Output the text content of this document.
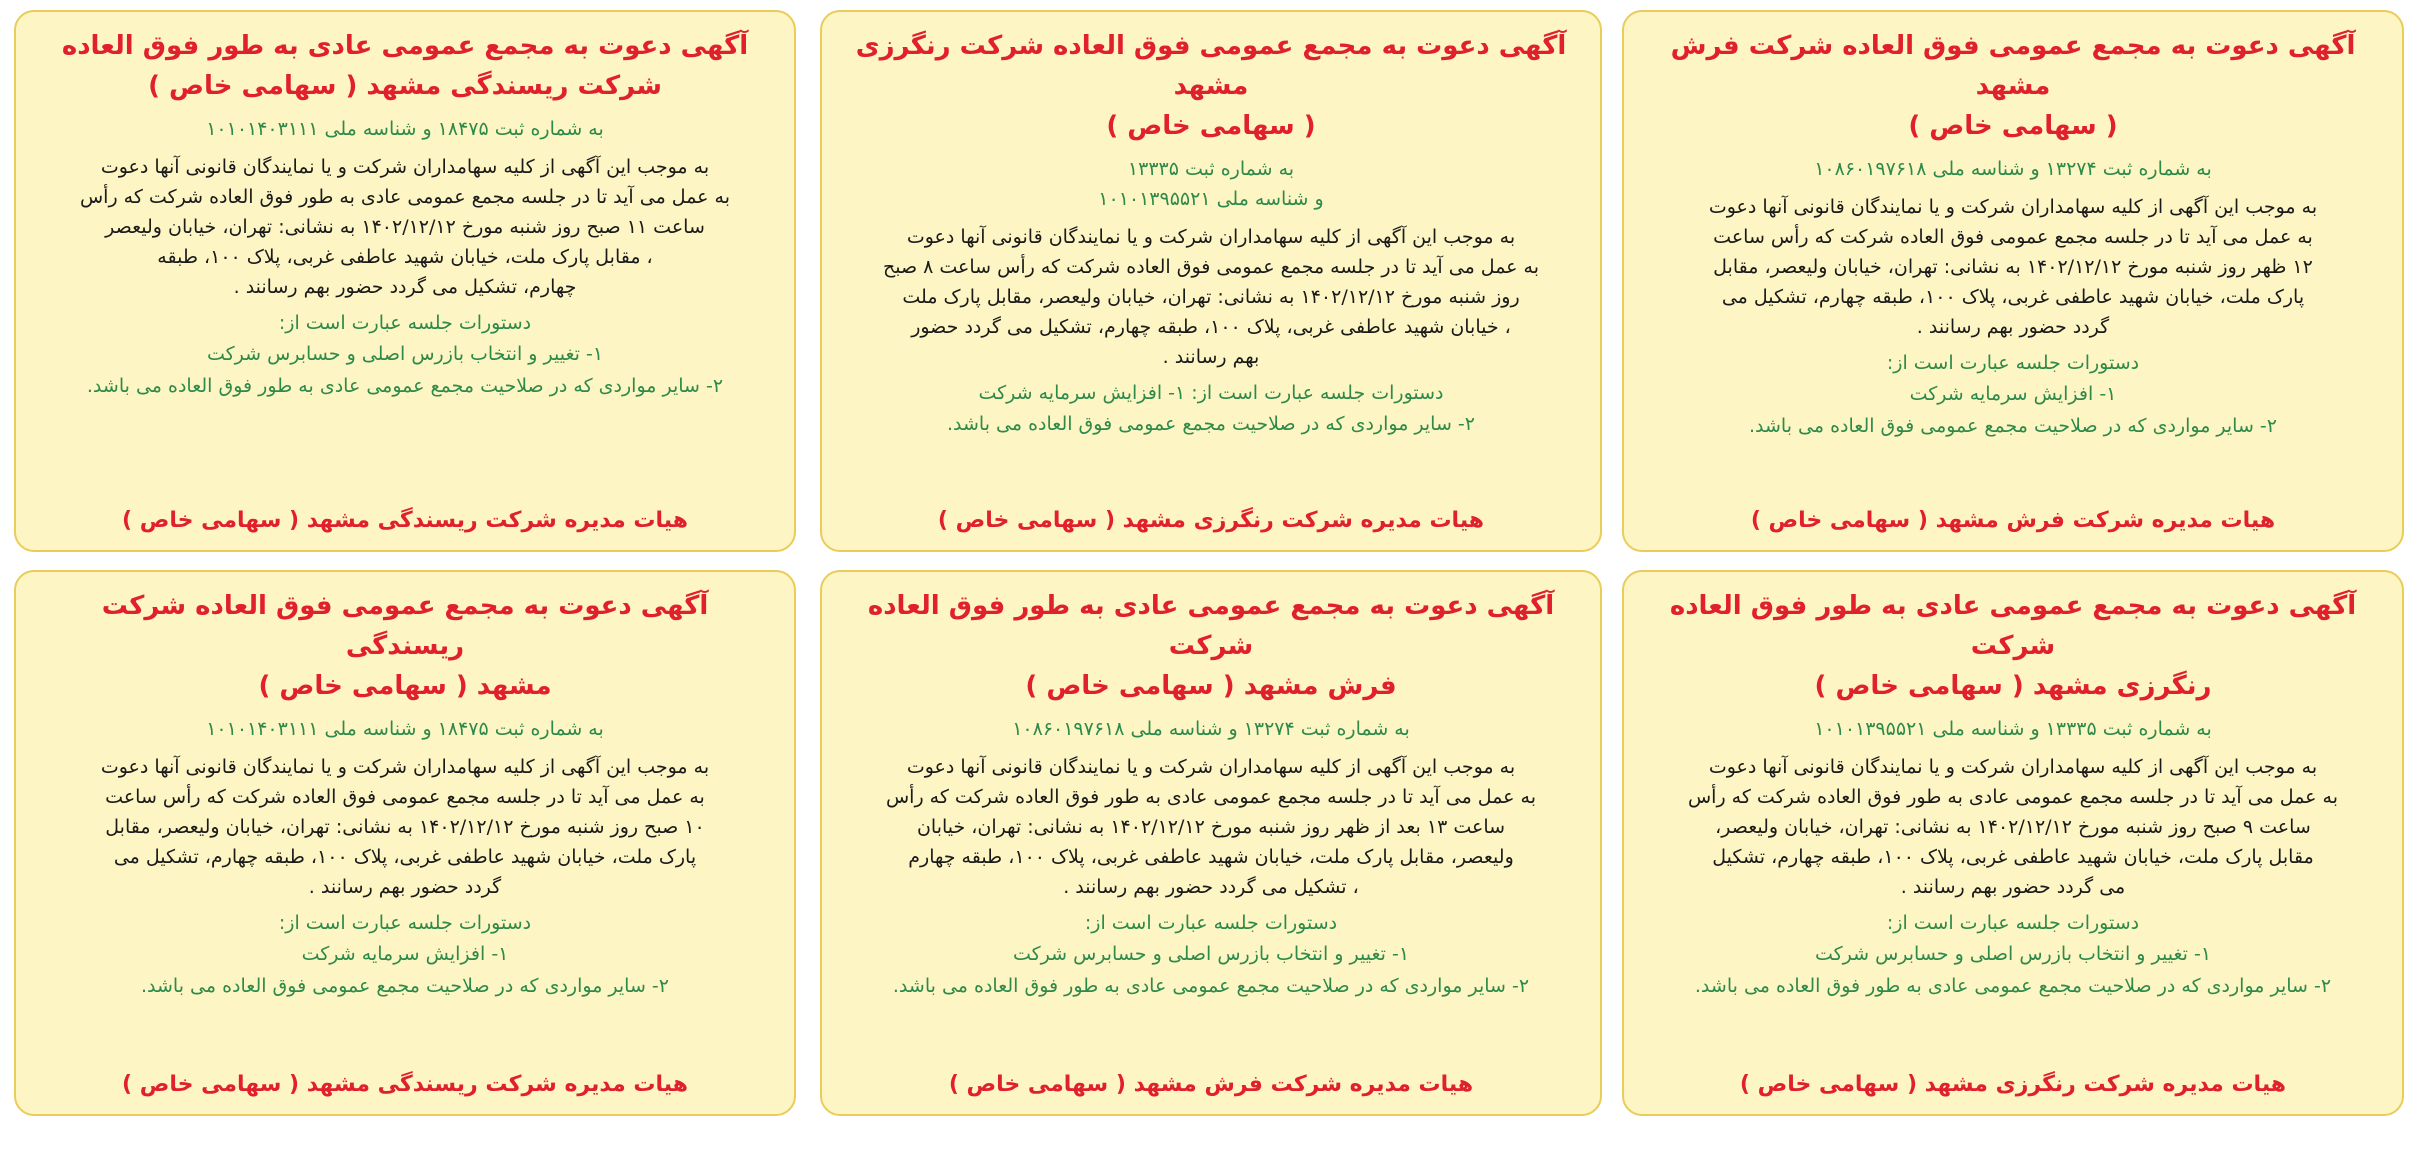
آگهی دعوت به مجمع عمومی فوق العاده شرکت فرش مشهد
( سهامی خاص )
به شماره ثبت ۱۳۲۷۴ و شناسه ملی ۱۰۸۶۰۱۹۷۶۱۸
به موجب این آگهی از کلیه سهامداران شرکت و یا نمایندگان قانونی آنها دعوت
به عمل می آید تا در جلسه مجمع عمومی فوق العاده شرکت که رأس ساعت
۱۲ ظهر روز شنبه مورخ ۱۴۰۲/۱۲/۱۲ به نشانی: تهران، خیابان ولیعصر، مقابل
پارک ملت، خیابان شهید عاطفی غربی، پلاک ۱۰۰، طبقه چهارم، تشکیل می
گردد حضور بهم رسانند .
دستورات جلسه عبارت است از:
۱- افزایش سرمایه شرکت
۲- سایر مواردی که در صلاحیت مجمع عمومی فوق العاده می باشد.
هیات مدیره شرکت فرش مشهد ( سهامی خاص )
آگهی دعوت به مجمع عمومی فوق العاده شرکت رنگرزی مشهد
( سهامی خاص )
به شماره ثبت ۱۳۳۳۵
و شناسه ملی ۱۰۱۰۱۳۹۵۵۲۱
به موجب این آگهی از کلیه سهامداران شرکت و یا نمایندگان قانونی آنها دعوت
به عمل می آید تا در جلسه مجمع عمومی فوق العاده شرکت که رأس ساعت ۸ صبح
روز شنبه مورخ ۱۴۰۲/۱۲/۱۲ به نشانی: تهران، خیابان ولیعصر، مقابل پارک ملت
، خیابان شهید عاطفی غربی، پلاک ۱۰۰، طبقه چهارم، تشکیل می گردد حضور
بهم رسانند .
دستورات جلسه عبارت است از: ۱- افزایش سرمایه شرکت
۲- سایر مواردی که در صلاحیت مجمع عمومی فوق العاده می باشد.
هیات مدیره شرکت رنگرزی مشهد ( سهامی خاص )
آگهی دعوت به مجمع عمومی عادی به طور فوق العاده
شرکت ریسندگی مشهد ( سهامی خاص )
به شماره ثبت ۱۸۴۷۵ و شناسه ملی ۱۰۱۰۱۴۰۳۱۱۱
به موجب این آگهی از کلیه سهامداران شرکت و یا نمایندگان قانونی آنها دعوت
به عمل می آید تا در جلسه مجمع عمومی عادی به طور فوق العاده شرکت که رأس
ساعت ۱۱ صبح روز شنبه مورخ ۱۴۰۲/۱۲/۱۲ به نشانی: تهران، خیابان ولیعصر
، مقابل پارک ملت، خیابان شهید عاطفی غربی، پلاک ۱۰۰، طبقه
چهارم، تشکیل می گردد حضور بهم رسانند .
دستورات جلسه عبارت است از:
۱- تغییر و انتخاب بازرس اصلی و حسابرس شرکت
۲- سایر مواردی که در صلاحیت مجمع عمومی عادی به طور فوق العاده می باشد.
هیات مدیره شرکت ریسندگی مشهد ( سهامی خاص )
آگهی دعوت به مجمع عمومی عادی به طور فوق العاده شرکت
رنگرزی مشهد ( سهامی خاص )
به شماره ثبت ۱۳۳۳۵ و شناسه ملی ۱۰۱۰۱۳۹۵۵۲۱
به موجب این آگهی از کلیه سهامداران شرکت و یا نمایندگان قانونی آنها دعوت
به عمل می آید تا در جلسه مجمع عمومی عادی به طور فوق العاده شرکت که رأس
ساعت ۹ صبح روز شنبه مورخ ۱۴۰۲/۱۲/۱۲ به نشانی: تهران، خیابان ولیعصر،
مقابل پارک ملت، خیابان شهید عاطفی غربی، پلاک ۱۰۰، طبقه چهارم، تشکیل
می گردد حضور بهم رسانند .
دستورات جلسه عبارت است از:
۱- تغییر و انتخاب بازرس اصلی و حسابرس شرکت
۲- سایر مواردی که در صلاحیت مجمع عمومی عادی به طور فوق العاده می باشد.
هیات مدیره شرکت رنگرزی مشهد ( سهامی خاص )
آگهی دعوت به مجمع عمومی عادی به طور فوق العاده شرکت
فرش مشهد ( سهامی خاص )
به شماره ثبت ۱۳۲۷۴ و شناسه ملی ۱۰۸۶۰۱۹۷۶۱۸
به موجب این آگهی از کلیه سهامداران شرکت و یا نمایندگان قانونی آنها دعوت
به عمل می آید تا در جلسه مجمع عمومی عادی به طور فوق العاده شرکت که رأس
ساعت ۱۳ بعد از ظهر روز شنبه مورخ ۱۴۰۲/۱۲/۱۲ به نشانی: تهران، خیابان
ولیعصر، مقابل پارک ملت، خیابان شهید عاطفی غربی، پلاک ۱۰۰، طبقه چهارم
، تشکیل می گردد حضور بهم رسانند .
دستورات جلسه عبارت است از:
۱- تغییر و انتخاب بازرس اصلی و حسابرس شرکت
۲- سایر مواردی که در صلاحیت مجمع عمومی عادی به طور فوق العاده می باشد.
هیات مدیره شرکت فرش مشهد ( سهامی خاص )
آگهی دعوت به مجمع عمومی فوق العاده شرکت ریسندگی
مشهد ( سهامی خاص )
به شماره ثبت ۱۸۴۷۵ و شناسه ملی ۱۰۱۰۱۴۰۳۱۱۱
به موجب این آگهی از کلیه سهامداران شرکت و یا نمایندگان قانونی آنها دعوت
به عمل می آید تا در جلسه مجمع عمومی فوق العاده شرکت که رأس ساعت
۱۰ صبح روز شنبه مورخ ۱۴۰۲/۱۲/۱۲ به نشانی: تهران، خیابان ولیعصر، مقابل
پارک ملت، خیابان شهید عاطفی غربی، پلاک ۱۰۰، طبقه چهارم، تشکیل می
گردد حضور بهم رسانند .
دستورات جلسه عبارت است از:
۱- افزایش سرمایه شرکت
۲- سایر مواردی که در صلاحیت مجمع عمومی فوق العاده می باشد.
هیات مدیره شرکت ریسندگی مشهد ( سهامی خاص )
